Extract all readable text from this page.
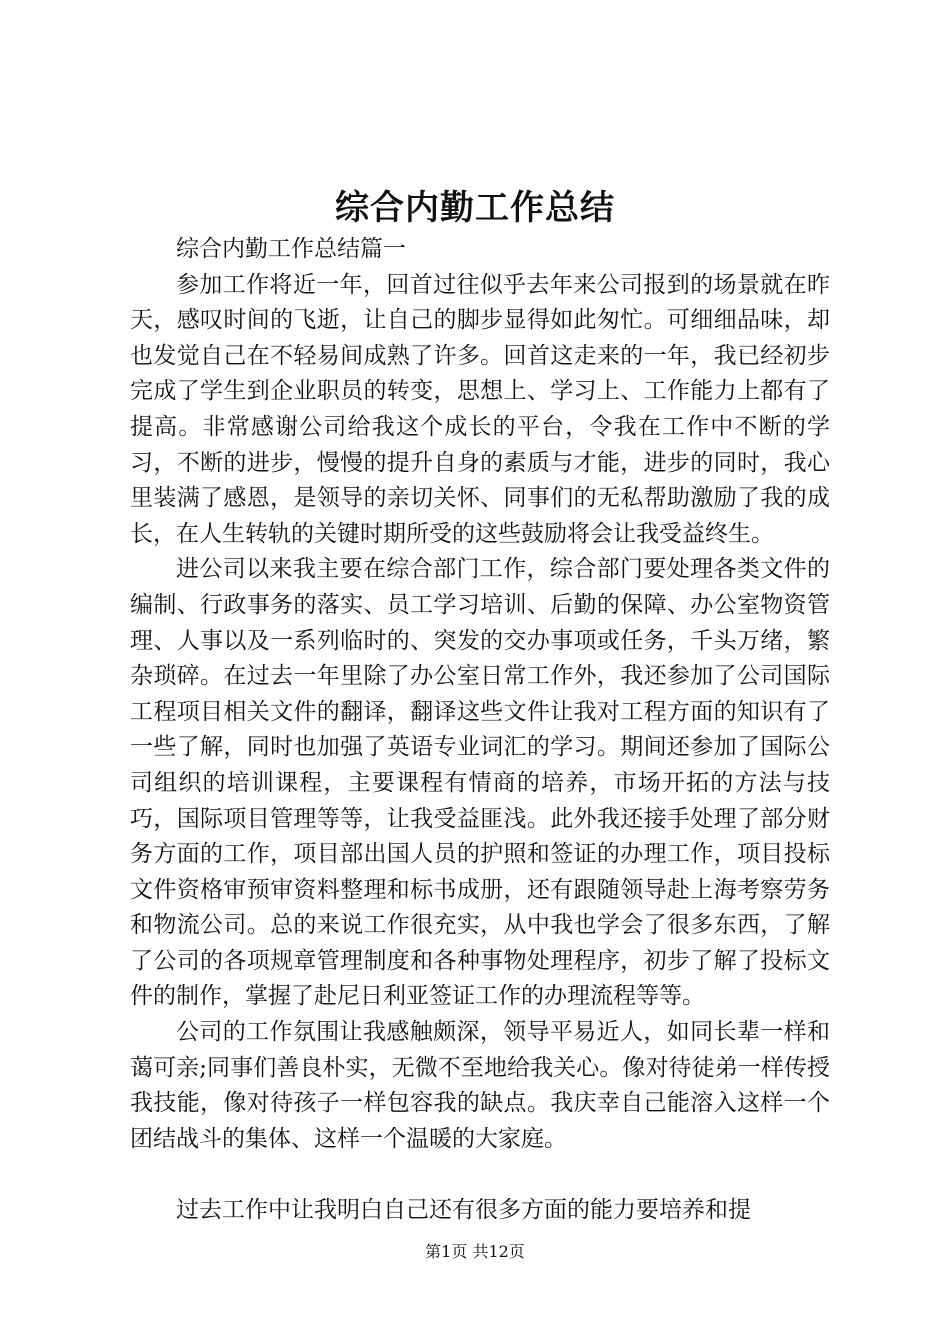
综合内勤工作总结

综合内勤工作总结篇一

参加工作将近一年，回首过往似乎去年来公司报到的场景就在昨天，感叹时间的飞逝，让自己的脚步显得如此匆忙。可细细品味，却也发觉自己在不轻易间成熟了许多。回首这走来的一年，我已经初步完成了学生到企业职员的转变，思想上、学习上、工作能力上都有了提高。非常感谢公司给我这个成长的平台，令我在工作中不断的学习，不断的进步，慢慢的提升自身的素质与才能，进步的同时，我心里装满了感恩，是领导的亲切关怀、同事们的无私帮助激励了我的成长，在人生转轨的关键时期所受的这些鼓励将会让我受益终生。

进公司以来我主要在综合部门工作，综合部门要处理各类文件的编制、行政事务的落实、员工学习培训、后勤的保障、办公室物资管理、人事以及一系列临时的、突发的交办事项或任务，千头万绪，繁杂琐碎。在过去一年里除了办公室日常工作外，我还参加了公司国际工程项目相关文件的翻译，翻译这些文件让我对工程方面的知识有了一些了解，同时也加强了英语专业词汇的学习。期间还参加了国际公司组织的培训课程，主要课程有情商的培养，市场开拓的方法与技巧，国际项目管理等等，让我受益匪浅。此外我还接手处理了部分财务方面的工作，项目部出国人员的护照和签证的办理工作，项目投标文件资格审预审资料整理和标书成册，还有跟随领导赴上海考察劳务和物流公司。总的来说工作很充实，从中我也学会了很多东西，了解了公司的各项规章管理制度和各种事物处理程序，初步了解了投标文件的制作，掌握了赴尼日利亚签证工作的办理流程等等。

公司的工作氛围让我感触颇深，领导平易近人，如同长辈一样和蔼可亲;同事们善良朴实，无微不至地给我关心。像对待徒弟一样传授我技能，像对待孩子一样包容我的缺点。我庆幸自己能溶入这样一个团结战斗的集体、这样一个温暖的大家庭。

过去工作中让我明白自己还有很多方面的能力要培养和提

第1页 共12页
